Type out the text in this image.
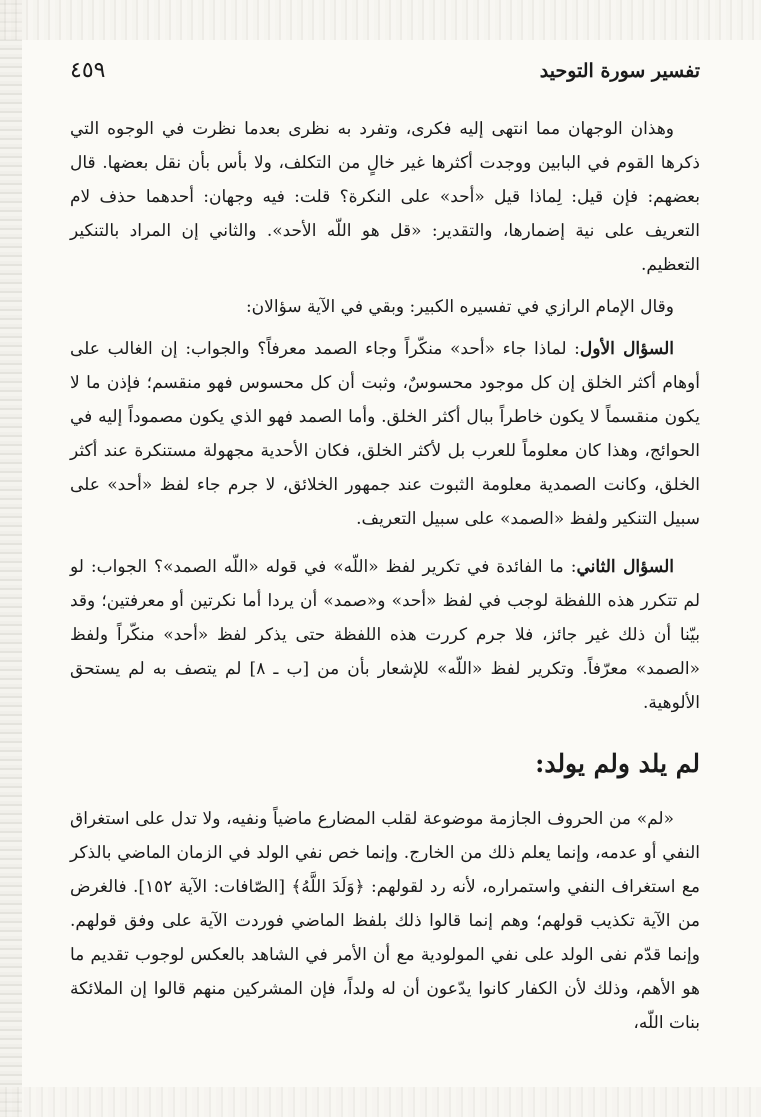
تفسير سورة التوحيد
٤٥٩

وهذان الوجهان مما انتهى إليه فكرى، وتفرد به نظرى بعدما نظرت في الوجوه التي ذكرها القوم في البابين ووجدت أكثرها غير خالٍ من التكلف، ولا بأس بأن نقل بعضها. قال بعضهم: فإن قيل: لِماذا قيل «أحد» على النكرة؟ قلت: فيه وجهان: أحدهما حذف لام التعريف على نية إضمارها، والتقدير: «قل هو اللّه الأحد». والثاني إن المراد بالتنكير التعظيم.

وقال الإمام الرازي في تفسيره الكبير: وبقي في الآية سؤالان:

السؤال الأول: لماذا جاء «أحد» منكّراً وجاء الصمد معرفاً؟ والجواب: إن الغالب على أوهام أكثر الخلق إن كل موجود محسوسٌ، وثبت أن كل محسوس فهو منقسم؛ فإذن ما لا يكون منقسماً لا يكون خاطراً ببال أكثر الخلق. وأما الصمد فهو الذي يكون مصموداً إليه في الحوائج، وهذا كان معلوماً للعرب بل لأكثر الخلق، فكان الأحدية مجهولة مستنكرة عند أكثر الخلق، وكانت الصمدية معلومة الثبوت عند جمهور الخلائق، لا جرم جاء لفظ «أحد» على سبيل التنكير ولفظ «الصمد» على سبيل التعريف.

السؤال الثاني: ما الفائدة في تكرير لفظ «اللّه» في قوله «اللّه الصمد»؟ الجواب: لو لم تتكرر هذه اللفظة لوجب في لفظ «أحد» و«صمد» أن يردا أما نكرتين أو معرفتين؛ وقد بيّنا أن ذلك غير جائز، فلا جرم كررت هذه اللفظة حتى يذكر لفظ «أحد» منكّراً ولفظ «الصمد» معرّفاً. وتكرير لفظ «اللّه» للإشعار بأن من [ب ـ ٨] لم يتصف به لم يستحق الألوهية.

لم يلد ولم يولد:

«لم» من الحروف الجازمة موضوعة لقلب المضارع ماضياً ونفيه، ولا تدل على استغراق النفي أو عدمه، وإنما يعلم ذلك من الخارج. وإنما خص نفي الولد في الزمان الماضي بالذكر مع استغراف النفي واستمراره، لأنه رد لقولهم: ﴿وَلَدَ اللَّهُ﴾ [الصّافات: الآية ١٥٢]. فالغرض من الآية تكذيب قولهم؛ وهم إنما قالوا ذلك بلفظ الماضي فوردت الآية على وفق قولهم. وإنما قدّم نفى الولد على نفي المولودية مع أن الأمر في الشاهد بالعكس لوجوب تقديم ما هو الأهم، وذلك لأن الكفار كانوا يدّعون أن له ولداً، فإن المشركين منهم قالوا إن الملائكة بنات اللّه،
